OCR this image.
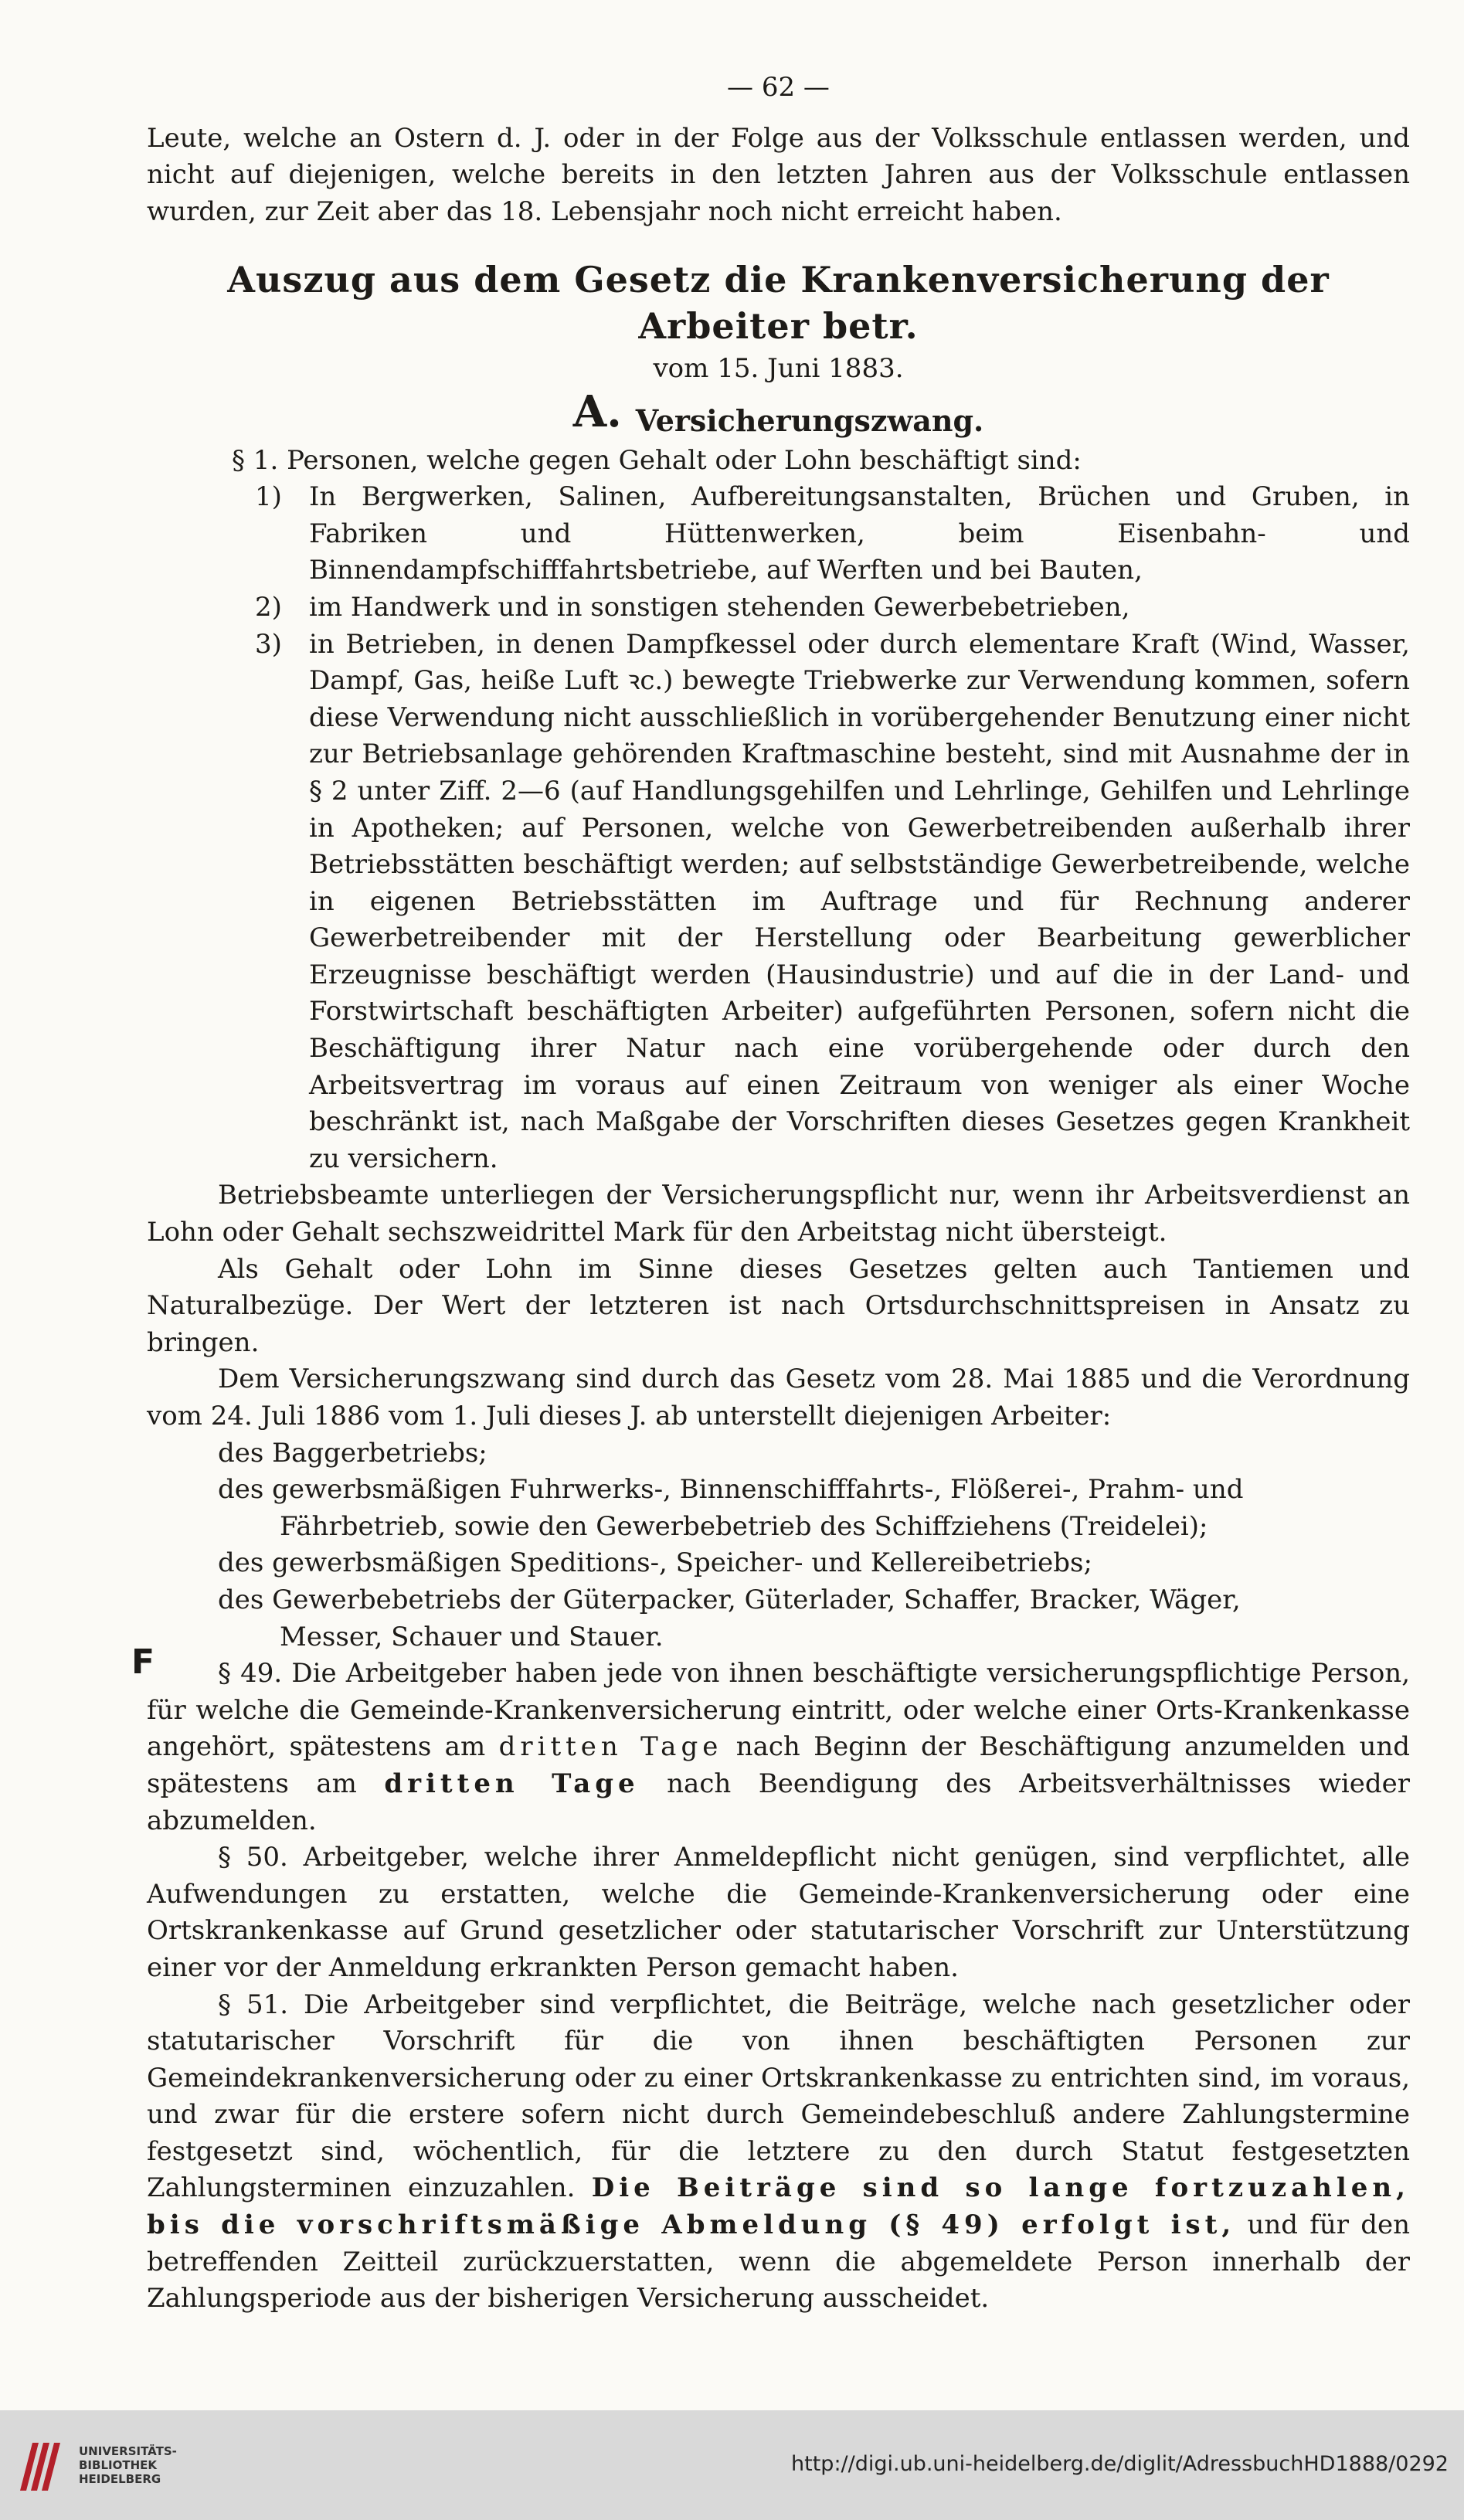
— 62 —

Leute, welche an Ostern d. J. oder in der Folge aus der Volksschule entlassen werden, und nicht auf diejenigen, welche bereits in den letzten Jahren aus der Volksschule entlassen wurden, zur Zeit aber das 18. Lebensjahr noch nicht erreicht haben.

Auszug aus dem Gesetz die Krankenversicherung der Arbeiter betr.
vom 15. Juni 1883.
A. Versicherungszwang.

§ 1. Personen, welche gegen Gehalt oder Lohn beschäftigt sind:

1) In Bergwerken, Salinen, Aufbereitungsanstalten, Brüchen und Gruben, in Fabriken und Hüttenwerken, beim Eisenbahn- und Binnendampfschifffahrtsbetriebe, auf Werften und bei Bauten,
2) im Handwerk und in sonstigen stehenden Gewerbebetrieben,
3) in Betrieben, in denen Dampfkessel oder durch elementare Kraft (Wind, Wasser, Dampf, Gas, heiße Luft ꝛc.) bewegte Triebwerke zur Verwendung kommen, sofern diese Verwendung nicht ausschließlich in vorübergehender Benutzung einer nicht zur Betriebsanlage gehörenden Kraftmaschine besteht, sind mit Ausnahme der in § 2 unter Ziff. 2—6 (auf Handlungsgehilfen und Lehrlinge, Gehilfen und Lehrlinge in Apotheken; auf Personen, welche von Gewerbetreibenden außerhalb ihrer Betriebsstätten beschäftigt werden; auf selbstständige Gewerbetreibende, welche in eigenen Betriebsstätten im Auftrage und für Rechnung anderer Gewerbetreibender mit der Herstellung oder Bearbeitung gewerblicher Erzeugnisse beschäftigt werden (Hausindustrie) und auf die in der Land- und Forstwirtschaft beschäftigten Arbeiter) aufgeführten Personen, sofern nicht die Beschäftigung ihrer Natur nach eine vorübergehende oder durch den Arbeitsvertrag im voraus auf einen Zeitraum von weniger als einer Woche beschränkt ist, nach Maßgabe der Vorschriften dieses Gesetzes gegen Krankheit zu versichern.

Betriebsbeamte unterliegen der Versicherungspflicht nur, wenn ihr Arbeitsverdienst an Lohn oder Gehalt sechszweidrittel Mark für den Arbeitstag nicht übersteigt.

Als Gehalt oder Lohn im Sinne dieses Gesetzes gelten auch Tantiemen und Naturalbezüge. Der Wert der letzteren ist nach Ortsdurchschnittspreisen in Ansatz zu bringen.

Dem Versicherungszwang sind durch das Gesetz vom 28. Mai 1885 und die Verordnung vom 24. Juli 1886 vom 1. Juli dieses J. ab unterstellt diejenigen Arbeiter:

des Baggerbetriebs;
des gewerbsmäßigen Fuhrwerks-, Binnenschifffahrts-, Flößerei-, Prahm- und
Fährbetrieb, sowie den Gewerbebetrieb des Schiffziehens (Treidelei);
des gewerbsmäßigen Speditions-, Speicher- und Kellereibetriebs;
des Gewerbebetriebs der Güterpacker, Güterlader, Schaffer, Bracker, Wäger,
Messer, Schauer und Stauer.

§ 49. Die Arbeitgeber haben jede von ihnen beschäftigte versicherungspflichtige Person, für welche die Gemeinde-Krankenversicherung eintritt, oder welche einer Orts-Krankenkasse angehört, spätestens am dritten Tage nach Beginn der Beschäftigung anzumelden und spätestens am dritten Tage nach Beendigung des Arbeitsverhältnisses wieder abzumelden.

§ 50. Arbeitgeber, welche ihrer Anmeldepflicht nicht genügen, sind verpflichtet, alle Aufwendungen zu erstatten, welche die Gemeinde-Krankenversicherung oder eine Ortskrankenkasse auf Grund gesetzlicher oder statutarischer Vorschrift zur Unterstützung einer vor der Anmeldung erkrankten Person gemacht haben.

§ 51. Die Arbeitgeber sind verpflichtet, die Beiträge, welche nach gesetzlicher oder statutarischer Vorschrift für die von ihnen beschäftigten Personen zur Gemeindekrankenversicherung oder zu einer Ortskrankenkasse zu entrichten sind, im voraus, und zwar für die erstere sofern nicht durch Gemeindebeschluß andere Zahlungstermine festgesetzt sind, wöchentlich, für die letztere zu den durch Statut festgesetzten Zahlungsterminen einzuzahlen. Die Beiträge sind so lange fortzuzahlen, bis die vorschriftsmäßige Abmeldung (§ 49) erfolgt ist, und für den betreffenden Zeitteil zurückzuerstatten, wenn die abgemeldete Person innerhalb der Zahlungsperiode aus der bisherigen Versicherung ausscheidet.

F
UNIVERSITÄTS-
BIBLIOTHEK
HEIDELBERG
http://digi.ub.uni-heidelberg.de/diglit/AdressbuchHD1888/0292
